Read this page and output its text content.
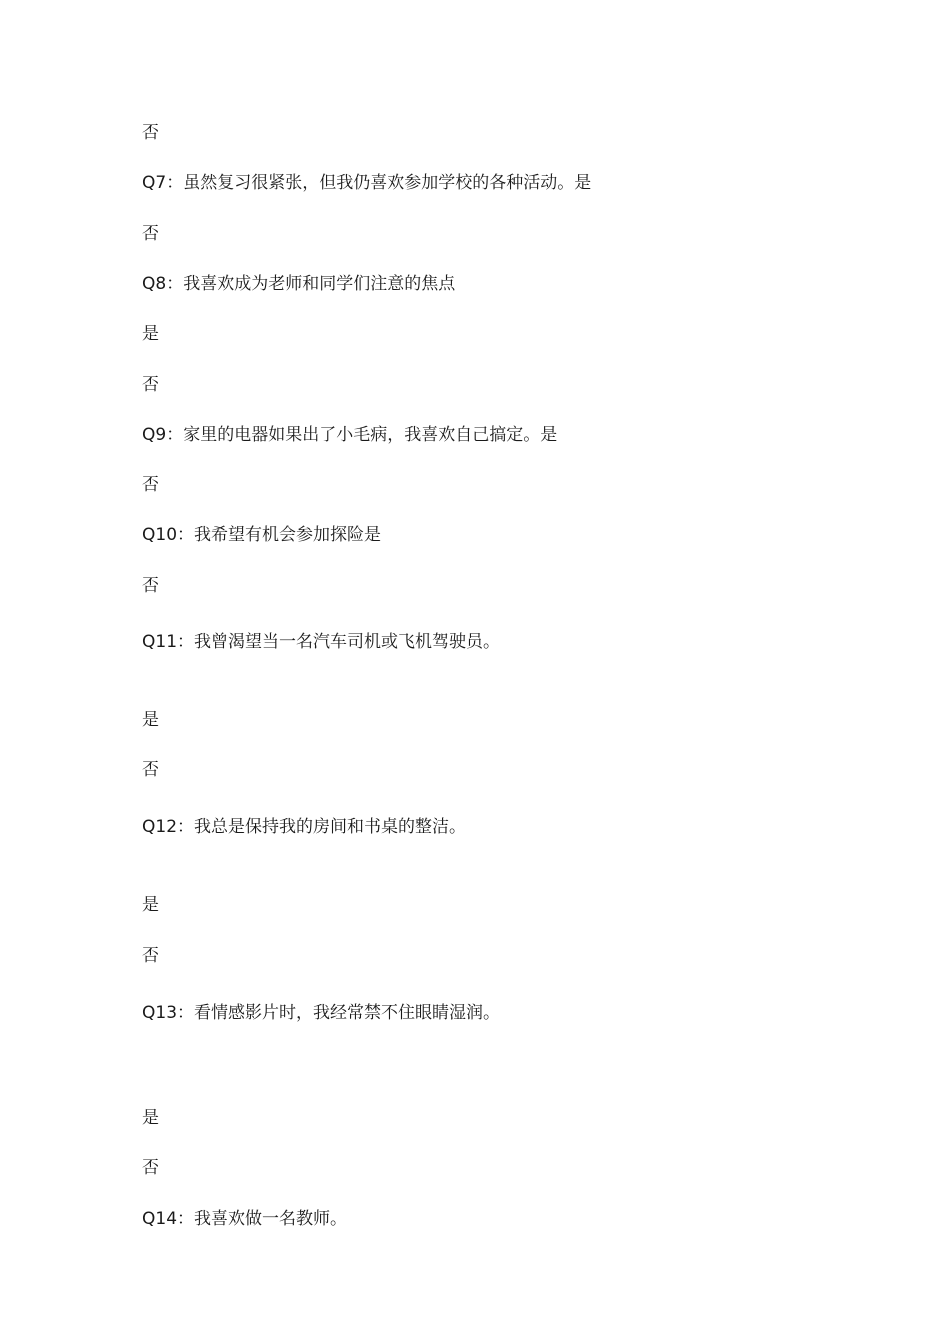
否
Q7：虽然复习很紧张，但我仍喜欢参加学校的各种活动。是
否
Q8：我喜欢成为老师和同学们注意的焦点
是
否
Q9：家里的电器如果出了小毛病，我喜欢自己搞定。是
否
Q10：我希望有机会参加探险是
否
Q11：我曾渴望当一名汽车司机或飞机驾驶员。
是
否
Q12：我总是保持我的房间和书桌的整洁。
是
否
Q13：看情感影片时，我经常禁不住眼睛湿润。
是
否
Q14：我喜欢做一名教师。
